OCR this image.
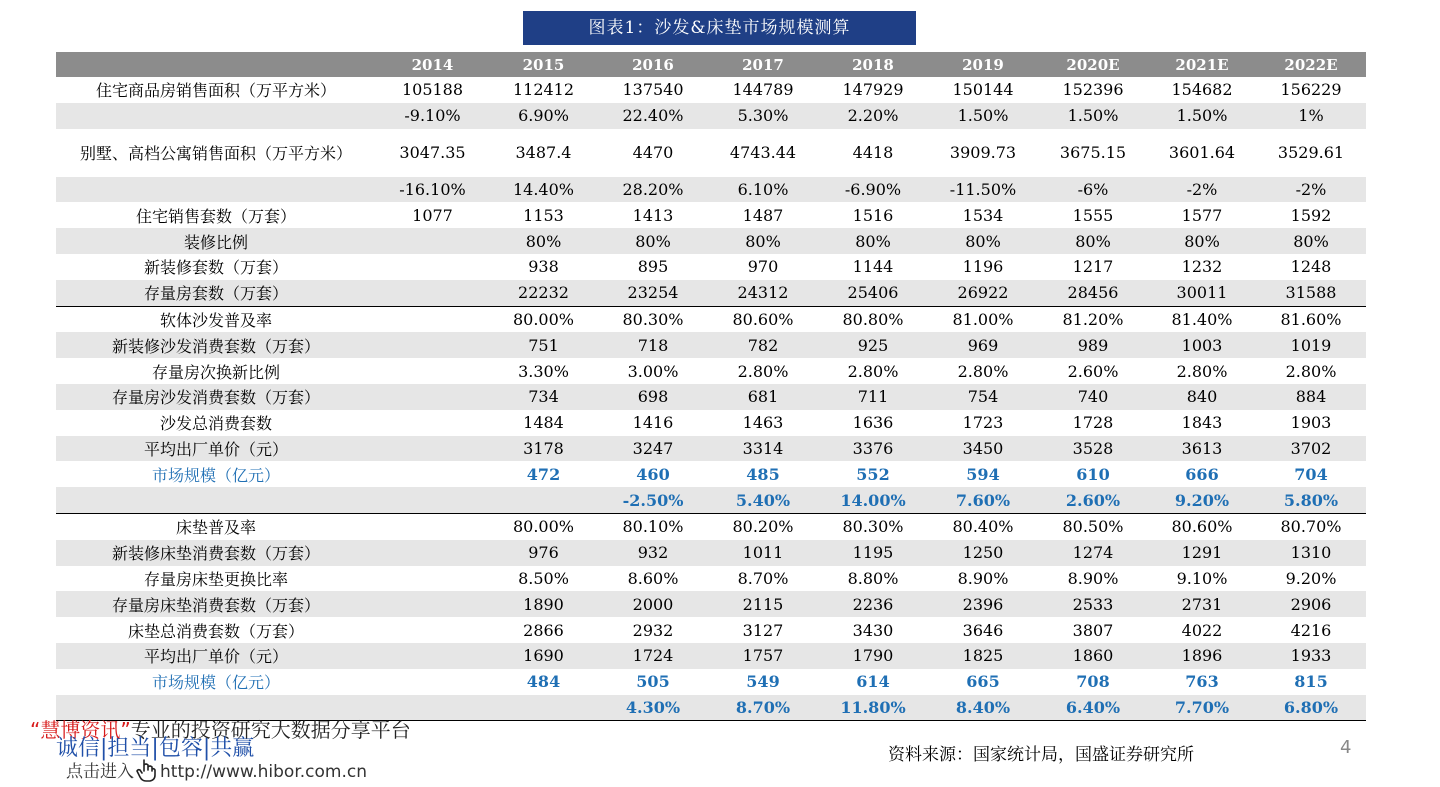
图表1：沙发&床垫市场规模测算
	2014	2015	2016	2017	2018	2019	2020E	2021E	2022E
住宅商品房销售面积（万平方米）	105188	112412	137540	144789	147929	150144	152396	154682	156229
	-9.10%	6.90%	22.40%	5.30%	2.20%	1.50%	1.50%	1.50%	1%
别墅、高档公寓销售面积（万平方米）	3047.35	3487.4	4470	4743.44	4418	3909.73	3675.15	3601.64	3529.61
	-16.10%	14.40%	28.20%	6.10%	-6.90%	-11.50%	-6%	-2%	-2%
住宅销售套数（万套）	1077	1153	1413	1487	1516	1534	1555	1577	1592
装修比例		80%	80%	80%	80%	80%	80%	80%	80%
新装修套数（万套）		938	895	970	1144	1196	1217	1232	1248
存量房套数（万套）		22232	23254	24312	25406	26922	28456	30011	31588
软体沙发普及率		80.00%	80.30%	80.60%	80.80%	81.00%	81.20%	81.40%	81.60%
新装修沙发消费套数（万套）		751	718	782	925	969	989	1003	1019
存量房次换新比例		3.30%	3.00%	2.80%	2.80%	2.80%	2.60%	2.80%	2.80%
存量房沙发消费套数（万套）		734	698	681	711	754	740	840	884
沙发总消费套数		1484	1416	1463	1636	1723	1728	1843	1903
平均出厂单价（元）		3178	3247	3314	3376	3450	3528	3613	3702
市场规模（亿元）		472	460	485	552	594	610	666	704
			-2.50%	5.40%	14.00%	7.60%	2.60%	9.20%	5.80%
床垫普及率		80.00%	80.10%	80.20%	80.30%	80.40%	80.50%	80.60%	80.70%
新装修床垫消费套数（万套）		976	932	1011	1195	1250	1274	1291	1310
存量房床垫更换比率		8.50%	8.60%	8.70%	8.80%	8.90%	8.90%	9.10%	9.20%
存量房床垫消费套数（万套）		1890	2000	2115	2236	2396	2533	2731	2906
床垫总消费套数（万套）		2866	2932	3127	3430	3646	3807	4022	4216
平均出厂单价（元）		1690	1724	1757	1790	1825	1860	1896	1933
市场规模（亿元）		484	505	549	614	665	708	763	815
			4.30%	8.70%	11.80%	8.40%	6.40%	7.70%	6.80%
“慧博资讯”专业的投资研究大数据分享平台
诚信|担当|包容|共赢
点击进入 http://www.hibor.com.cn
资料来源：国家统计局，国盛证券研究所	4
